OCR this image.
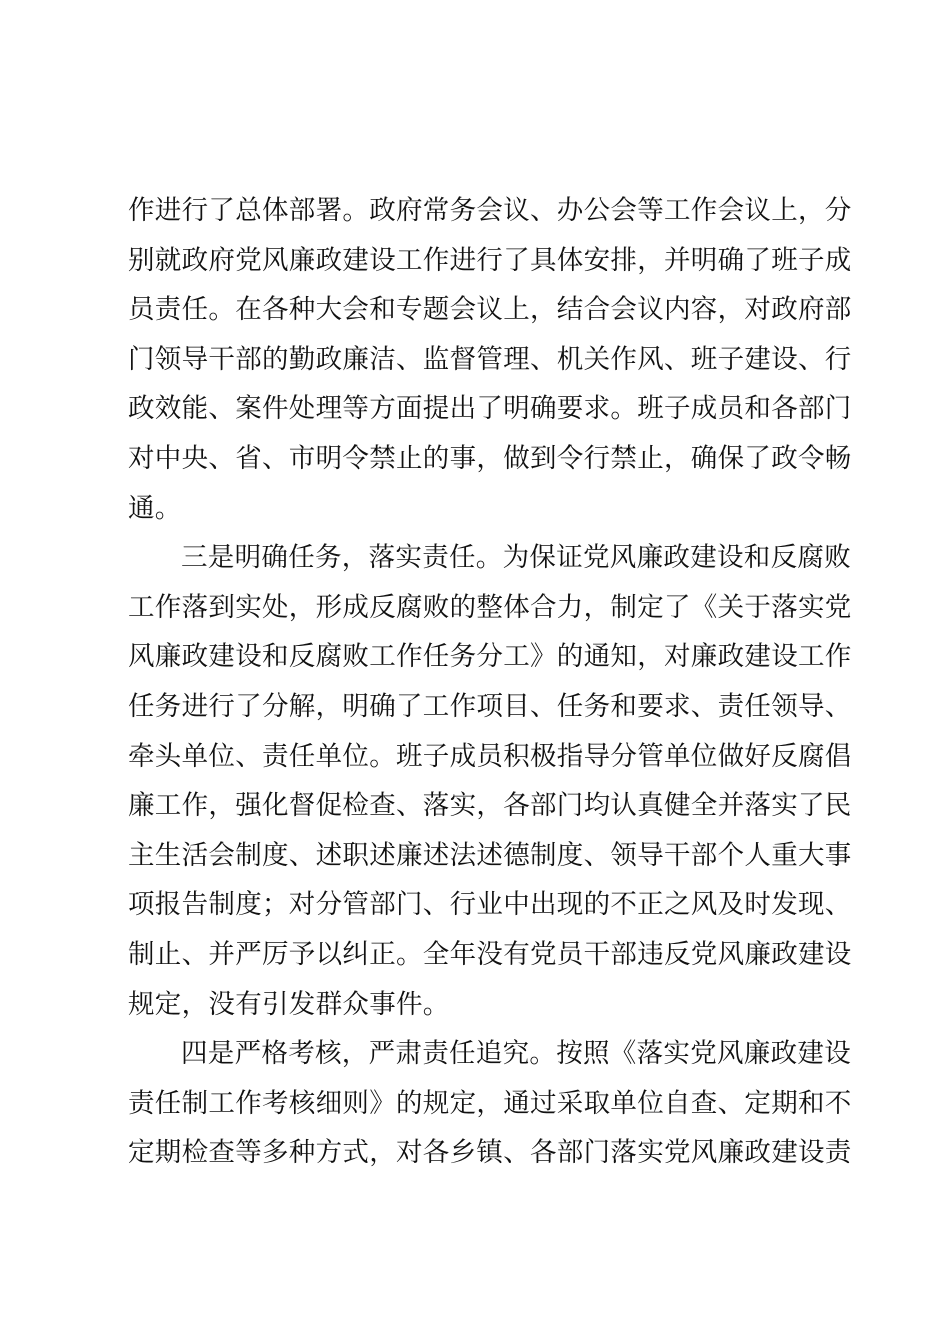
作进行了总体部署。政府常务会议、办公会等工作会议上，分
别就政府党风廉政建设工作进行了具体安排，并明确了班子成
员责任。在各种大会和专题会议上，结合会议内容，对政府部
门领导干部的勤政廉洁、监督管理、机关作风、班子建设、行
政效能、案件处理等方面提出了明确要求。班子成员和各部门
对中央、省、市明令禁止的事，做到令行禁止，确保了政令畅
通。
三是明确任务，落实责任。为保证党风廉政建设和反腐败
工作落到实处，形成反腐败的整体合力，制定了《关于落实党
风廉政建设和反腐败工作任务分工》的通知，对廉政建设工作
任务进行了分解，明确了工作项目、任务和要求、责任领导、
牵头单位、责任单位。班子成员积极指导分管单位做好反腐倡
廉工作，强化督促检查、落实，各部门均认真健全并落实了民
主生活会制度、述职述廉述法述德制度、领导干部个人重大事
项报告制度；对分管部门、行业中出现的不正之风及时发现、
制止、并严厉予以纠正。全年没有党员干部违反党风廉政建设
规定，没有引发群众事件。
四是严格考核，严肃责任追究。按照《落实党风廉政建设
责任制工作考核细则》的规定，通过采取单位自查、定期和不
定期检查等多种方式，对各乡镇、各部门落实党风廉政建设责
